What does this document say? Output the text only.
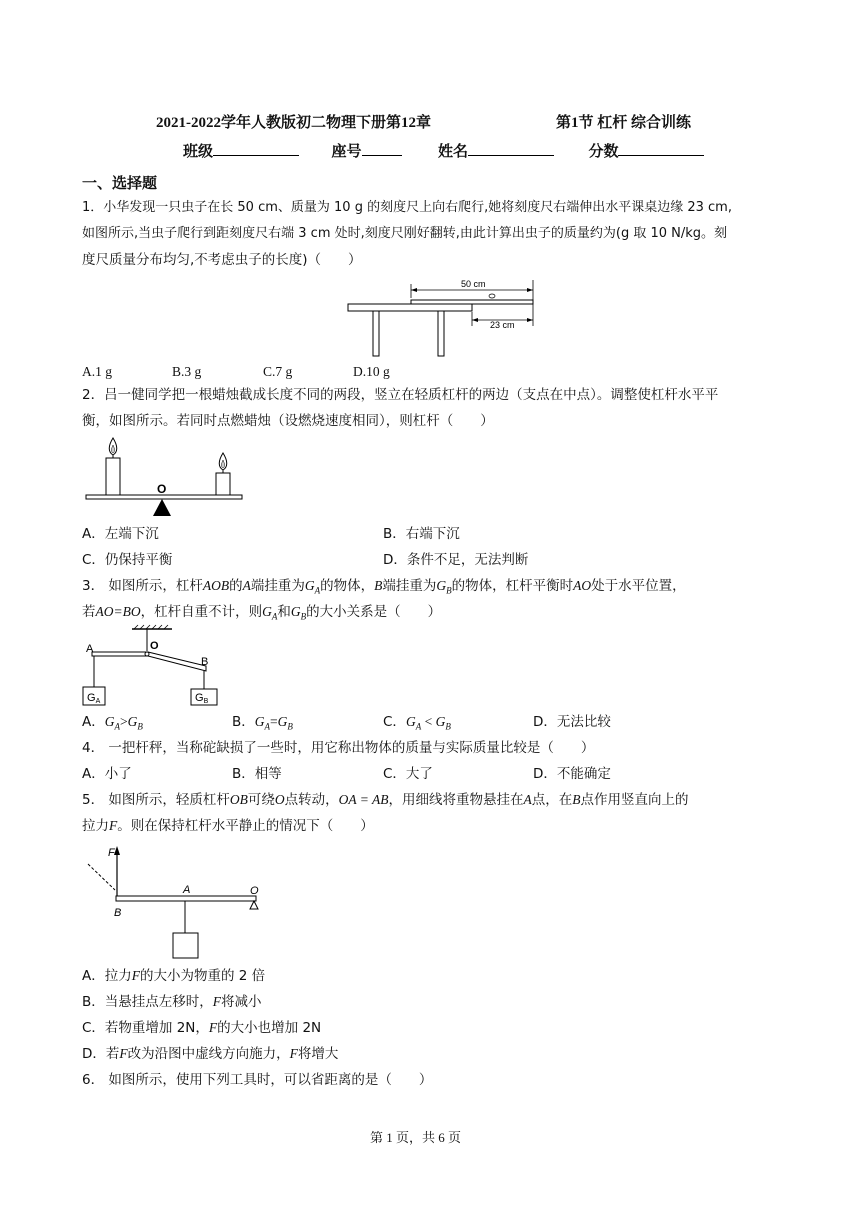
2021-2022学年人教版初二物理下册第12章	第1节 杠杆 综合训练
班级	座号	姓名	分数
一、选择题
1．小华发现一只虫子在长 50 cm、质量为 10 g 的刻度尺上向右爬行,她将刻度尺右端伸出水平课桌边缘 23 cm,
如图所示,当虫子爬行到距刻度尺右端 3 cm 处时,刻度尺刚好翻转,由此计算出虫子的质量约为(g 取 10 N/kg。刻
度尺质量分布均匀,不考虑虫子的长度)（　　）
50 cm
23 cm
A.1 g	B.3 g	C.7 g	D.10 g
2．吕一健同学把一根蜡烛截成长度不同的两段，竖立在轻质杠杆的两边（支点在中点）。调整使杠杆水平平
衡，如图所示。若同时点燃蜡烛（设燃烧速度相同），则杠杆（　　）
O
A．左端下沉	B．右端下沉
C．仍保持平衡	D．条件不足，无法判断
3． 如图所示，杠杆AOB的A端挂重为$G_A$的物体，B端挂重为$G_B$的物体，杠杆平衡时AO处于水平位置，
若AO=BO，杠杆自重不计，则$G_A$和$G_B$的大小关系是（　　）
A	O
B
GA	GB
A．$G_A>G_B$	B．$G_A=G_B$	C．$G_A < G_B$	D．无法比较
4． 一把杆秤，当称砣缺损了一些时，用它称出物体的质量与实际质量比较是（　　）
A．小了	B．相等	C．大了	D．不能确定
5． 如图所示，轻质杠杆OB可绕O点转动，OA = AB，用细线将重物悬挂在A点，在B点作用竖直向上的
拉力F。则在保持杠杆水平静止的情况下（　　）
F
O
A
B
A．拉力F的大小为物重的 2 倍
B．当悬挂点左移时，F将减小
C．若物重增加 2N，F的大小也增加 2N
D．若F改为沿图中虚线方向施力，F将增大
6． 如图所示，使用下列工具时，可以省距离的是（　　）
第 1 页，共 6 页
